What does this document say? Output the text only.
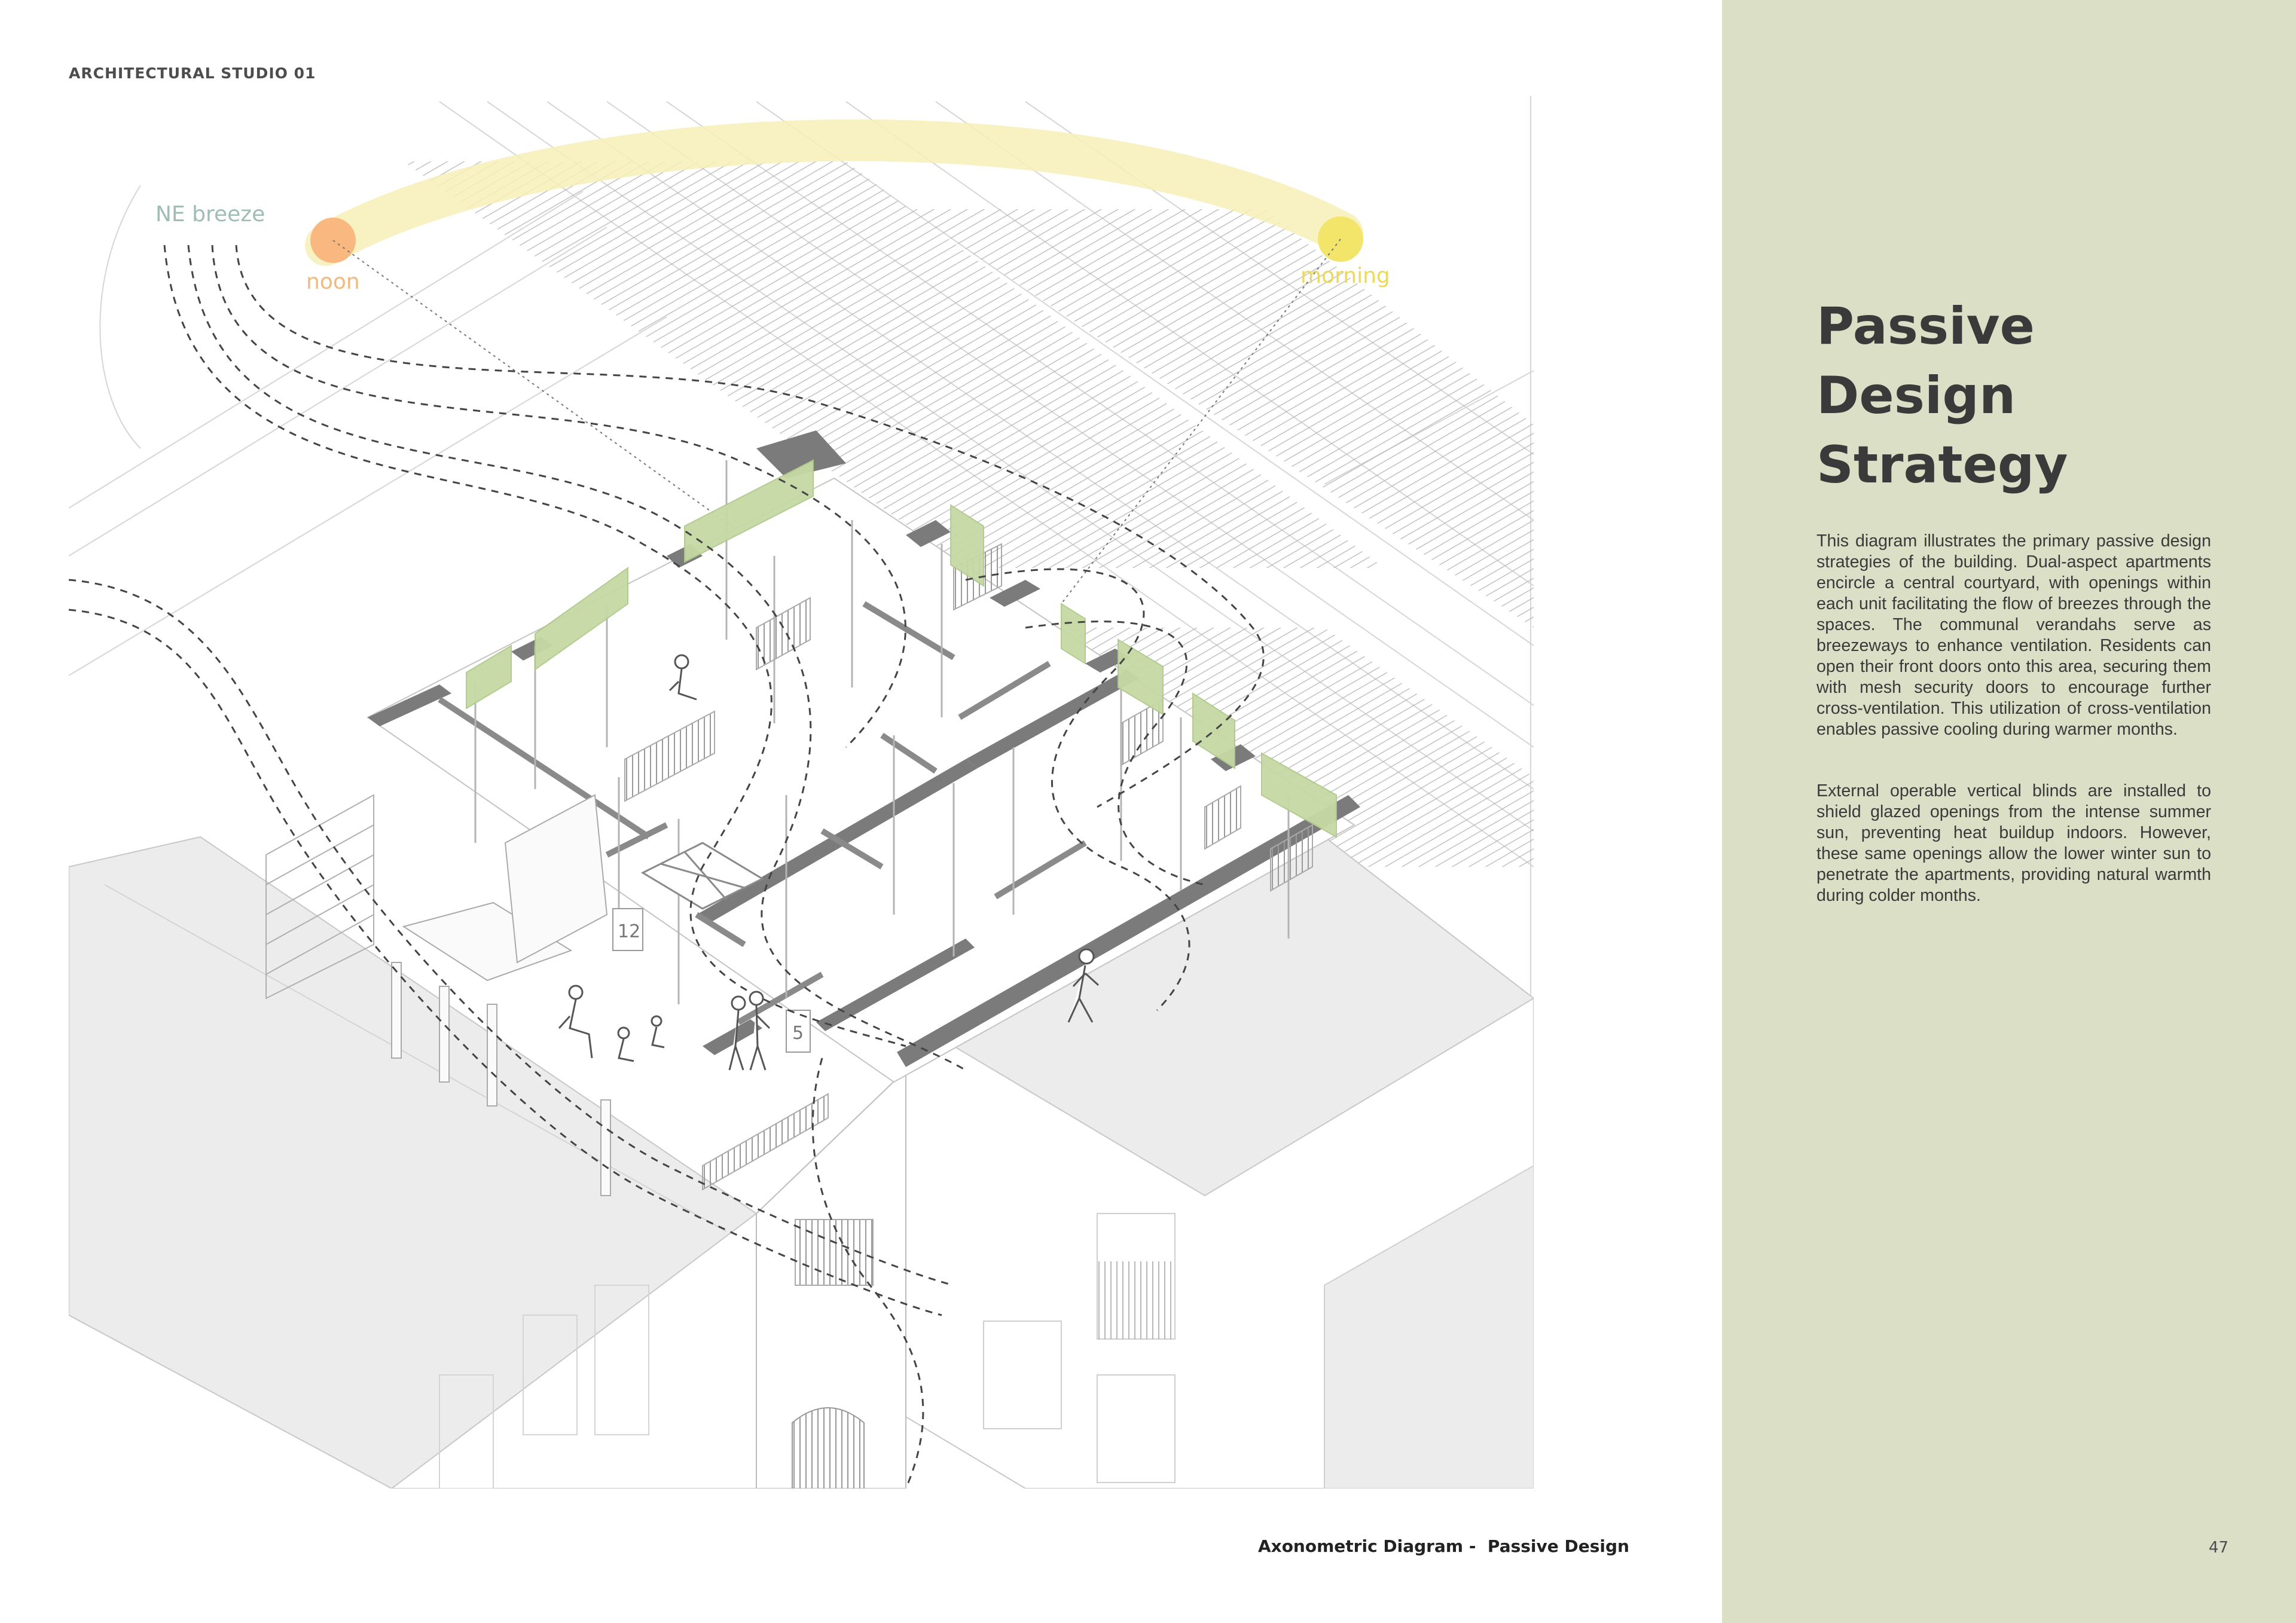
ARCHITECTURAL STUDIO 01
NE breeze
noon	morning
12
5
Axonometric Diagram -  Passive Design
Passive
Design
Strategy
This diagram illustrates the primary passive design strategies of the building. Dual-aspect apartments encircle a central courtyard, with openings within each unit facilitating the flow of breezes through the spaces. The communal verandahs serve as breezeways to enhance ventilation. Residents can open their front doors onto this area, securing them with mesh security doors to encourage further cross-ventilation. This utilization of cross-ventilation enables passive cooling during warmer months.
External operable vertical blinds are installed to shield glazed openings from the intense summer sun, preventing heat buildup indoors. However, these same openings allow the lower winter sun to penetrate the apartments, providing natural warmth during colder months.
47
